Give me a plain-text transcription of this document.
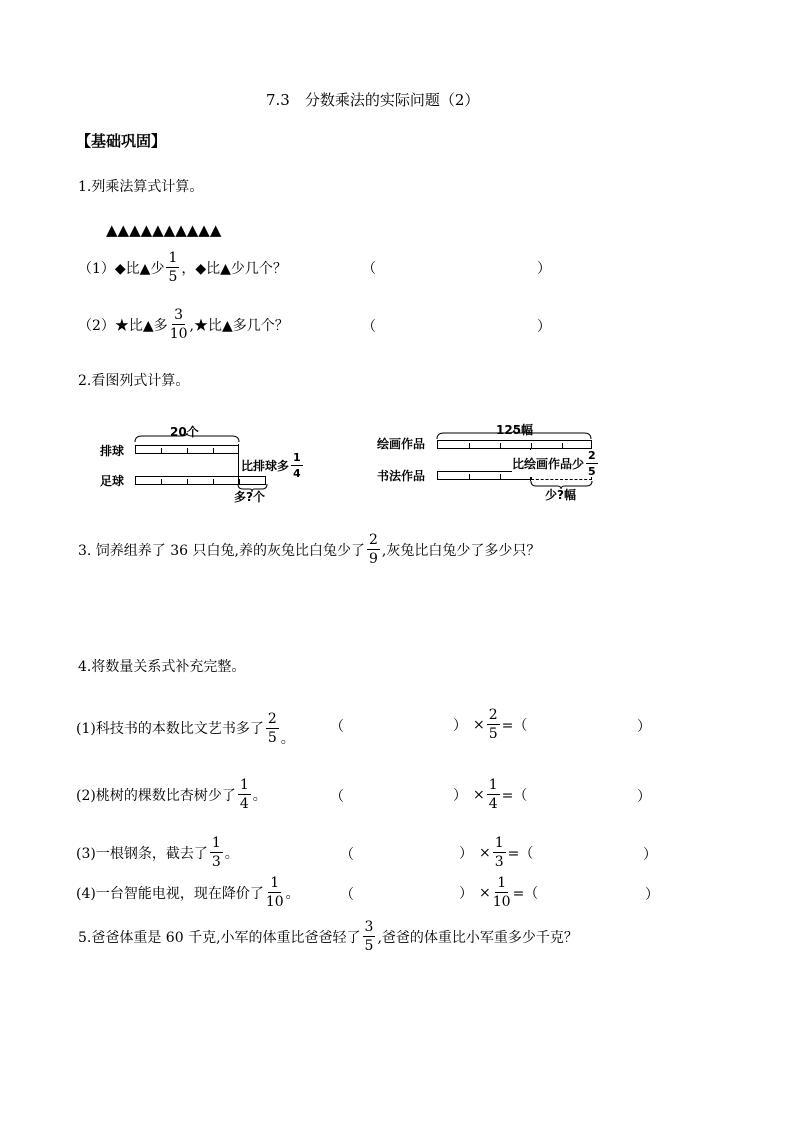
7.3　分数乘法的实际问题（2）
【基础巩固】
1.列乘法算式计算。
▲▲▲▲▲▲▲▲▲▲
（1）◆比▲少 $\frac{1}{5}$ ，◆比▲少几个？	（	）
（2）★比▲多 $\frac{3}{10}$ ,★比▲多几个？	（	）
2.看图列式计算。
20个
排球
足球
比排球多 $\frac{1}{4}$
多?个
125幅
绘画作品
书法作品
比绘画作品少 $\frac{2}{5}$
少?幅
3. 饲养组养了 36 只白兔,养的灰兔比白兔少了 $\frac{2}{9}$ ,灰兔比白兔少了多少只？
4.将数量关系式补充完整。
(1)科技书的本数比文艺书多了 $\frac{2}{5}$ 。
（	） × $\frac{2}{5}$ =（	）
(2)桃树的棵数比杏树少了 $\frac{1}{4}$ 。	（	） × $\frac{1}{4}$ =（	）
(3)一根钢条，截去了 $\frac{1}{3}$ 。	（	） × $\frac{1}{3}$ =（	）
(4)一台智能电视，现在降价了 $\frac{1}{10}$ 。	（	） × $\frac{1}{10}$ =（	）
5.爸爸体重是 60 千克,小军的体重比爸爸轻了 $\frac{3}{5}$ ,爸爸的体重比小军重多少千克？
